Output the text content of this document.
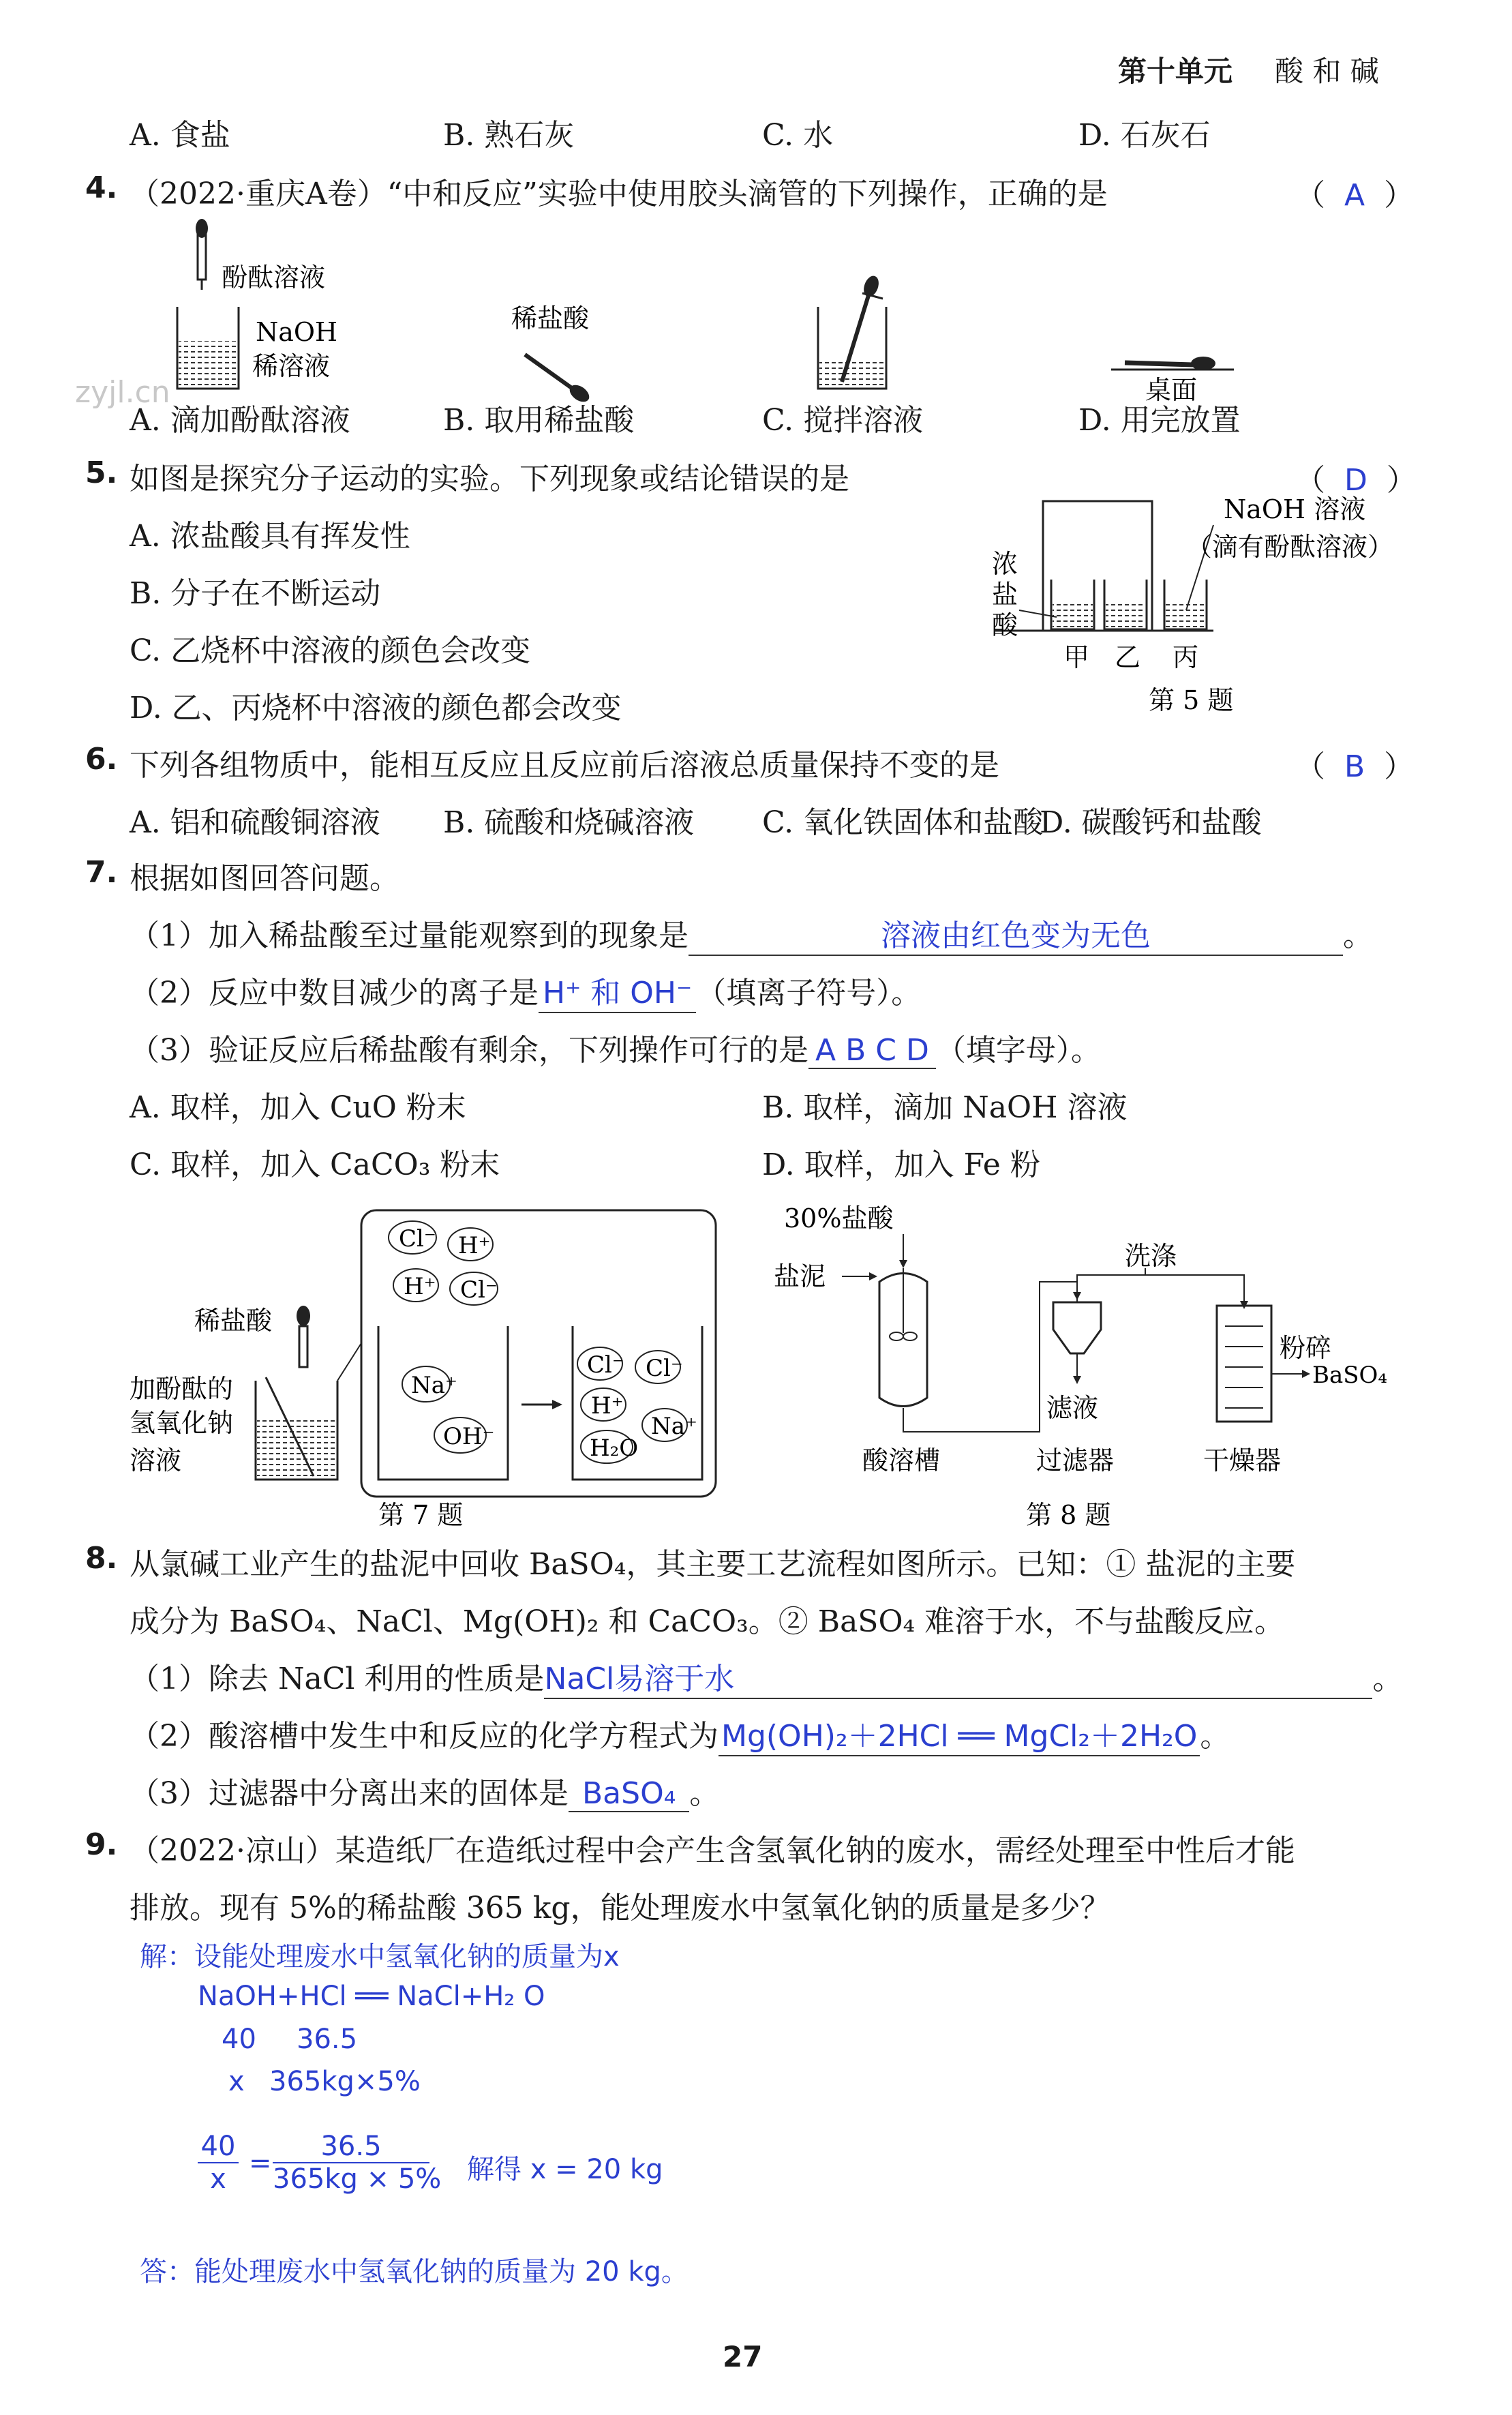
第十单元 酸 和 碱
A. 食盐	B. 熟石灰	C. 水	D. 石灰石
4. （2022·重庆A卷）“中和反应”实验中使用胶头滴管的下列操作，正确的是	（  A  ）
酚酞溶液
NaOH
稀溶液
稀盐酸
桌面
zyjl.cn
A. 滴加酚酞溶液	B. 取用稀盐酸	C. 搅拌溶液	D. 用完放置
5. 如图是探究分子运动的实验。下列现象或结论错误的是	（  D  ）
A. 浓盐酸具有挥发性
B. 分子在不断运动
C. 乙烧杯中溶液的颜色会改变
D. 乙、丙烧杯中溶液的颜色都会改变
NaOH 溶液
（滴有酚酞溶液）
浓
盐
酸
甲 乙 丙
第 5 题
6. 下列各组物质中，能相互反应且反应前后溶液总质量保持不变的是	（  B  ）
A. 铝和硫酸铜溶液 B. 硫酸和烧碱溶液 C. 氧化铁固体和盐酸
D. 碳酸钙和盐酸
7. 根据如图回答问题。
（1）加入稀盐酸至过量能观察到的现象是	溶液由红色变为无色	。
（2）反应中数目减少的离子是 H⁺ 和 OH⁻ （填离子符号）。
（3）验证反应后稀盐酸有剩余，下列操作可行的是 A B C D （填字母）。
A. 取样，加入 CuO 粉末	B. 取样，滴加 NaOH 溶液
C. 取样，加入 CaCO₃ 粉末	D. 取样，加入 Fe 粉
稀盐酸
加酚酞的
氢氧化钠
溶液
Cl⁻ H⁺
H⁺ Cl⁻
Na⁺
OH⁻
Cl⁻ Cl⁻
H⁺
H₂O
Na⁺
第 7 题
30%盐酸
盐泥
滤液
洗涤
粉碎
BaSO₄
酸溶槽	过滤器	干燥器
第 8 题
8. 从氯碱工业产生的盐泥中回收 BaSO₄，其主要工艺流程如图所示。已知：① 盐泥的主要
成分为 BaSO₄、NaCl、Mg(OH)₂ 和 CaCO₃。② BaSO₄ 难溶于水，不与盐酸反应。
（1）除去 NaCl 利用的性质是NaCl易溶于水	。
（2）酸溶槽中发生中和反应的化学方程式为Mg(OH)₂＋2HCl ══ MgCl₂＋2H₂O。
（3）过滤器中分离出来的固体是 BaSO₄ 。
9. （2022·凉山）某造纸厂在造纸过程中会产生含氢氧化钠的废水，需经处理至中性后才能
排放。现有 5%的稀盐酸 365 kg，能处理废水中氢氧化钠的质量是多少？
解：设能处理废水中氢氧化钠的质量为x
NaOH+HCl ══ NaCl+H₂ O
40 36.5
x 365kg×5%
40
x =
36.5
365kg × 5% 解得 x = 20 kg
答：能处理废水中氢氧化钠的质量为 20 kg。
27
